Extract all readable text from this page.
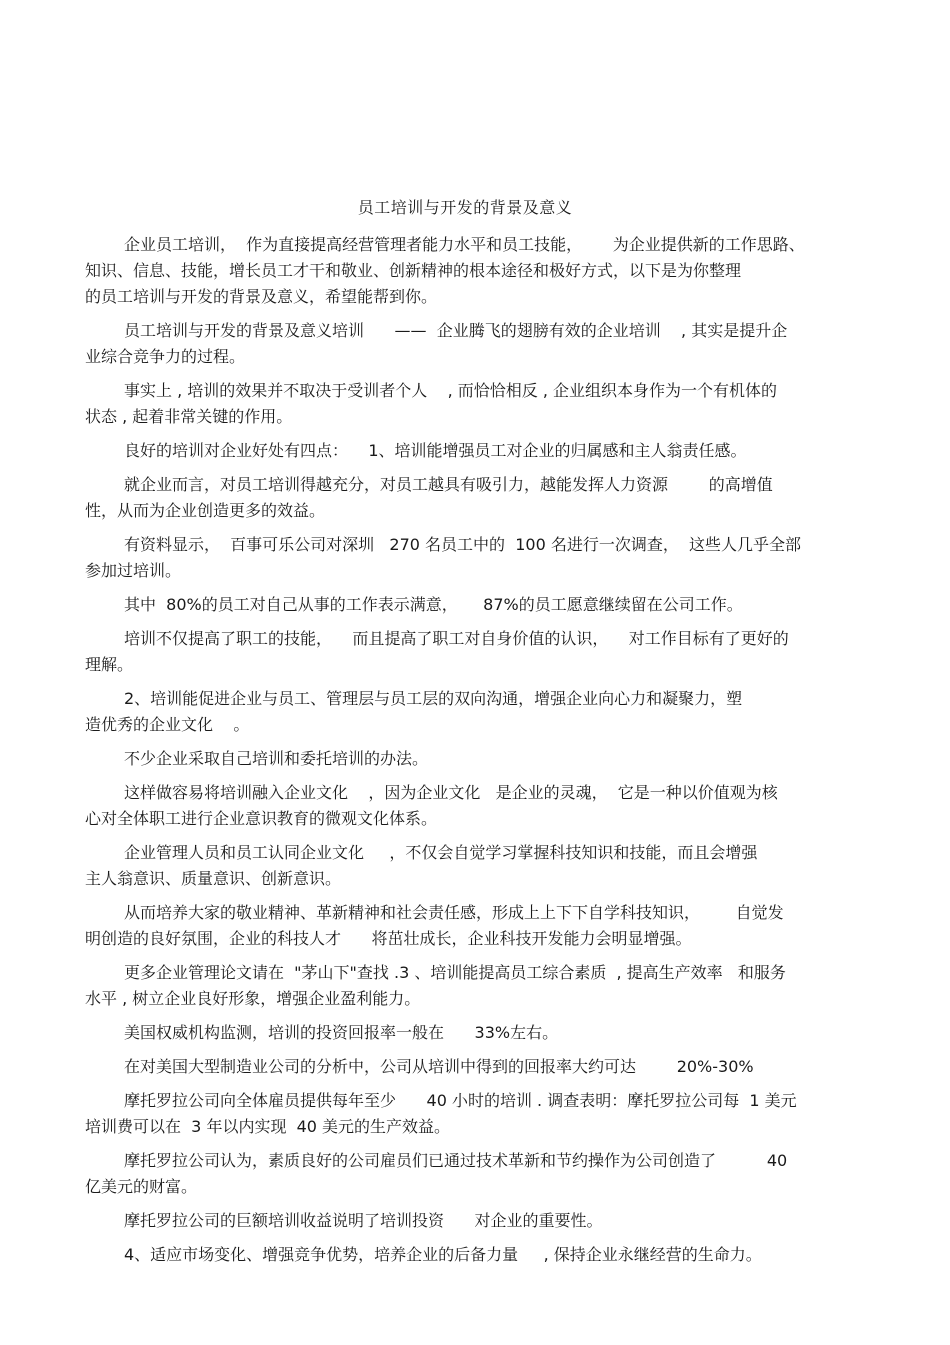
员工培训与开发的背景及意义
企业员工培训，  作为直接提高经营管理者能力水平和员工技能，      为企业提供新的工作思路、
知识、信息、技能，增长员工才干和敬业、创新精神的根本途径和极好方式，以下是为你整理
的员工培训与开发的背景及意义，希望能帮到你。
员工培训与开发的背景及意义培训      ——  企业腾飞的翅膀有效的企业培训    , 其实是提升企
业综合竞争力的过程。
事实上 , 培训的效果并不取决于受训者个人    , 而恰恰相反 , 企业组织本身作为一个有机体的
状态 , 起着非常关键的作用。
良好的培训对企业好处有四点：    1、培训能增强员工对企业的归属感和主人翁责任感。
就企业而言，对员工培训得越充分，对员工越具有吸引力，越能发挥人力资源        的高增值
性，从而为企业创造更多的效益。
有资料显示，  百事可乐公司对深圳   270 名员工中的  100 名进行一次调查，  这些人几乎全部
参加过培训。
其中  80%的员工对自己从事的工作表示满意，     87%的员工愿意继续留在公司工作。
培训不仅提高了职工的技能，    而且提高了职工对自身价值的认识，    对工作目标有了更好的
理解。
2、培训能促进企业与员工、管理层与员工层的双向沟通，增强企业向心力和凝聚力，塑
造优秀的企业文化    。
不少企业采取自己培训和委托培训的办法。
这样做容易将培训融入企业文化    ，因为企业文化   是企业的灵魂，  它是一种以价值观为核
心对全体职工进行企业意识教育的微观文化体系。
企业管理人员和员工认同企业文化     ，不仅会自觉学习掌握科技知识和技能，而且会增强
主人翁意识、质量意识、创新意识。
从而培养大家的敬业精神、革新精神和社会责任感，形成上上下下自学科技知识，       自觉发
明创造的良好氛围，企业的科技人才      将茁壮成长，企业科技开发能力会明显增强。
更多企业管理论文请在  "茅山下"查找 .3 、培训能提高员工综合素质  , 提高生产效率   和服务
水平 , 树立企业良好形象，增强企业盈利能力。
美国权威机构监测，培训的投资回报率一般在      33%左右。
在对美国大型制造业公司的分析中，公司从培训中得到的回报率大约可达        20%-30%
摩托罗拉公司向全体雇员提供每年至少      40 小时的培训 . 调查表明：摩托罗拉公司每  1 美元
培训费可以在  3 年以内实现  40 美元的生产效益。
摩托罗拉公司认为，素质良好的公司雇员们已通过技术革新和节约操作为公司创造了          40
亿美元的财富。
摩托罗拉公司的巨额培训收益说明了培训投资      对企业的重要性。
4、适应市场变化、增强竞争优势，培养企业的后备力量     , 保持企业永继经营的生命力。
